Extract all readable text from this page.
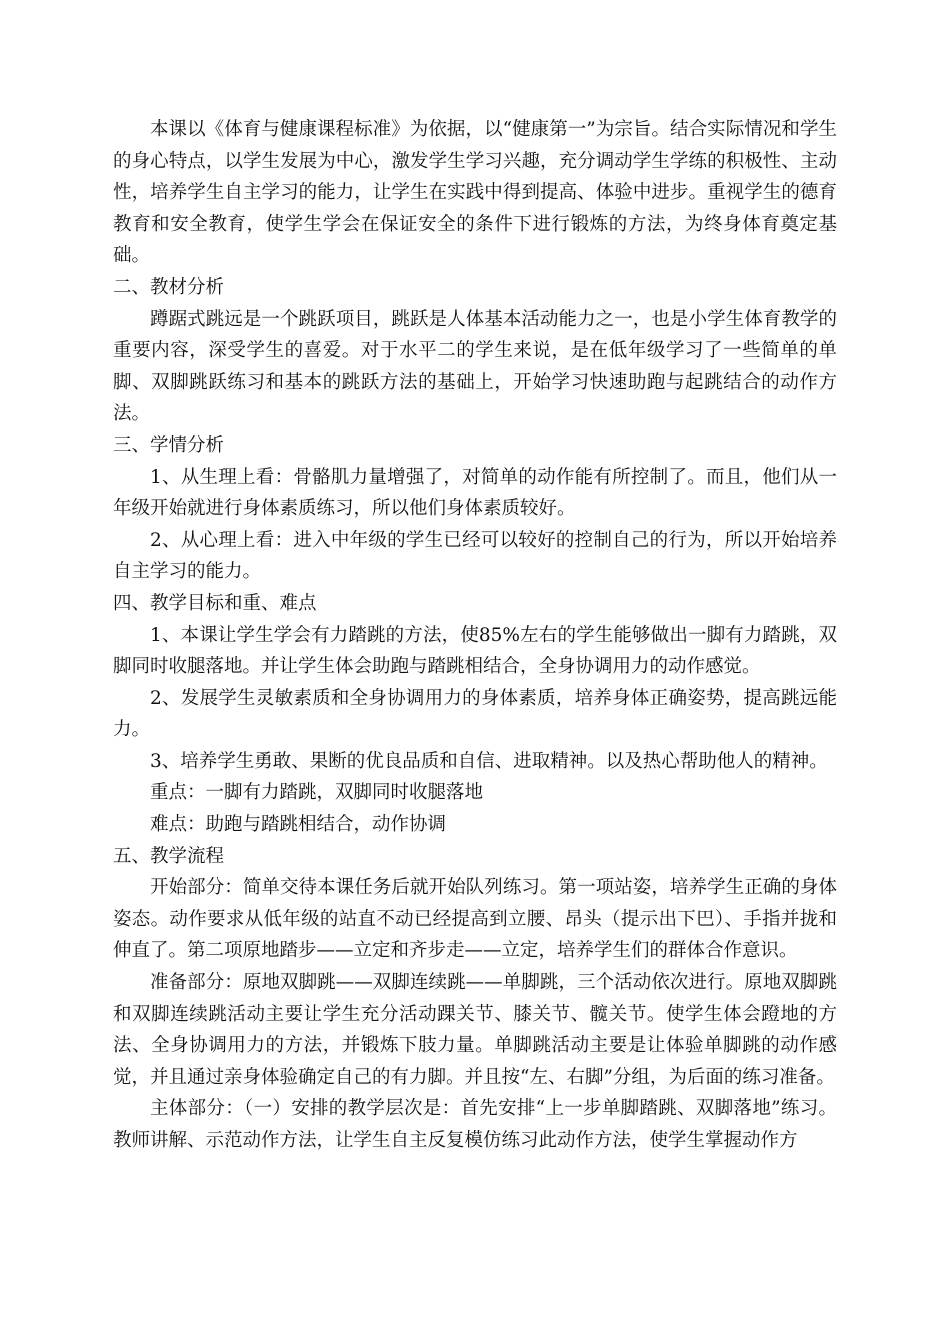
本课以《体育与健康课程标准》为依据，以“健康第一”为宗旨。结合实际情况和学生的身心特点，以学生发展为中心，激发学生学习兴趣，充分调动学生学练的积极性、主动性，培养学生自主学习的能力，让学生在实践中得到提高、体验中进步。重视学生的德育教育和安全教育，使学生学会在保证安全的条件下进行锻炼的方法，为终身体育奠定基础。

二、教材分析

蹲踞式跳远是一个跳跃项目，跳跃是人体基本活动能力之一，也是小学生体育教学的重要内容，深受学生的喜爱。对于水平二的学生来说，是在低年级学习了一些简单的单脚、双脚跳跃练习和基本的跳跃方法的基础上，开始学习快速助跑与起跳结合的动作方法。

三、学情分析

1、从生理上看：骨骼肌力量增强了，对简单的动作能有所控制了。而且，他们从一年级开始就进行身体素质练习，所以他们身体素质较好。

2、从心理上看：进入中年级的学生已经可以较好的控制自己的行为，所以开始培养自主学习的能力。

四、教学目标和重、难点

1、本课让学生学会有力踏跳的方法，使85%左右的学生能够做出一脚有力踏跳，双脚同时收腿落地。并让学生体会助跑与踏跳相结合，全身协调用力的动作感觉。

2、发展学生灵敏素质和全身协调用力的身体素质，培养身体正确姿势，提高跳远能力。

3、培养学生勇敢、果断的优良品质和自信、进取精神。以及热心帮助他人的精神。

重点：一脚有力踏跳，双脚同时收腿落地

难点：助跑与踏跳相结合，动作协调

五、教学流程

开始部分：简单交待本课任务后就开始队列练习。第一项站姿，培养学生正确的身体姿态。动作要求从低年级的站直不动已经提高到立腰、昂头（提示出下巴）、手指并拢和伸直了。第二项原地踏步——立定和齐步走——立定，培养学生们的群体合作意识。

准备部分：原地双脚跳——双脚连续跳——单脚跳，三个活动依次进行。原地双脚跳和双脚连续跳活动主要让学生充分活动踝关节、膝关节、髋关节。使学生体会蹬地的方法、全身协调用力的方法，并锻炼下肢力量。单脚跳活动主要是让体验单脚跳的动作感觉，并且通过亲身体验确定自己的有力脚。并且按“左、右脚”分组，为后面的练习准备。

主体部分：（一）安排的教学层次是：首先安排“上一步单脚踏跳、双脚落地”练习。教师讲解、示范动作方法，让学生自主反复模仿练习此动作方法，使学生掌握动作方
